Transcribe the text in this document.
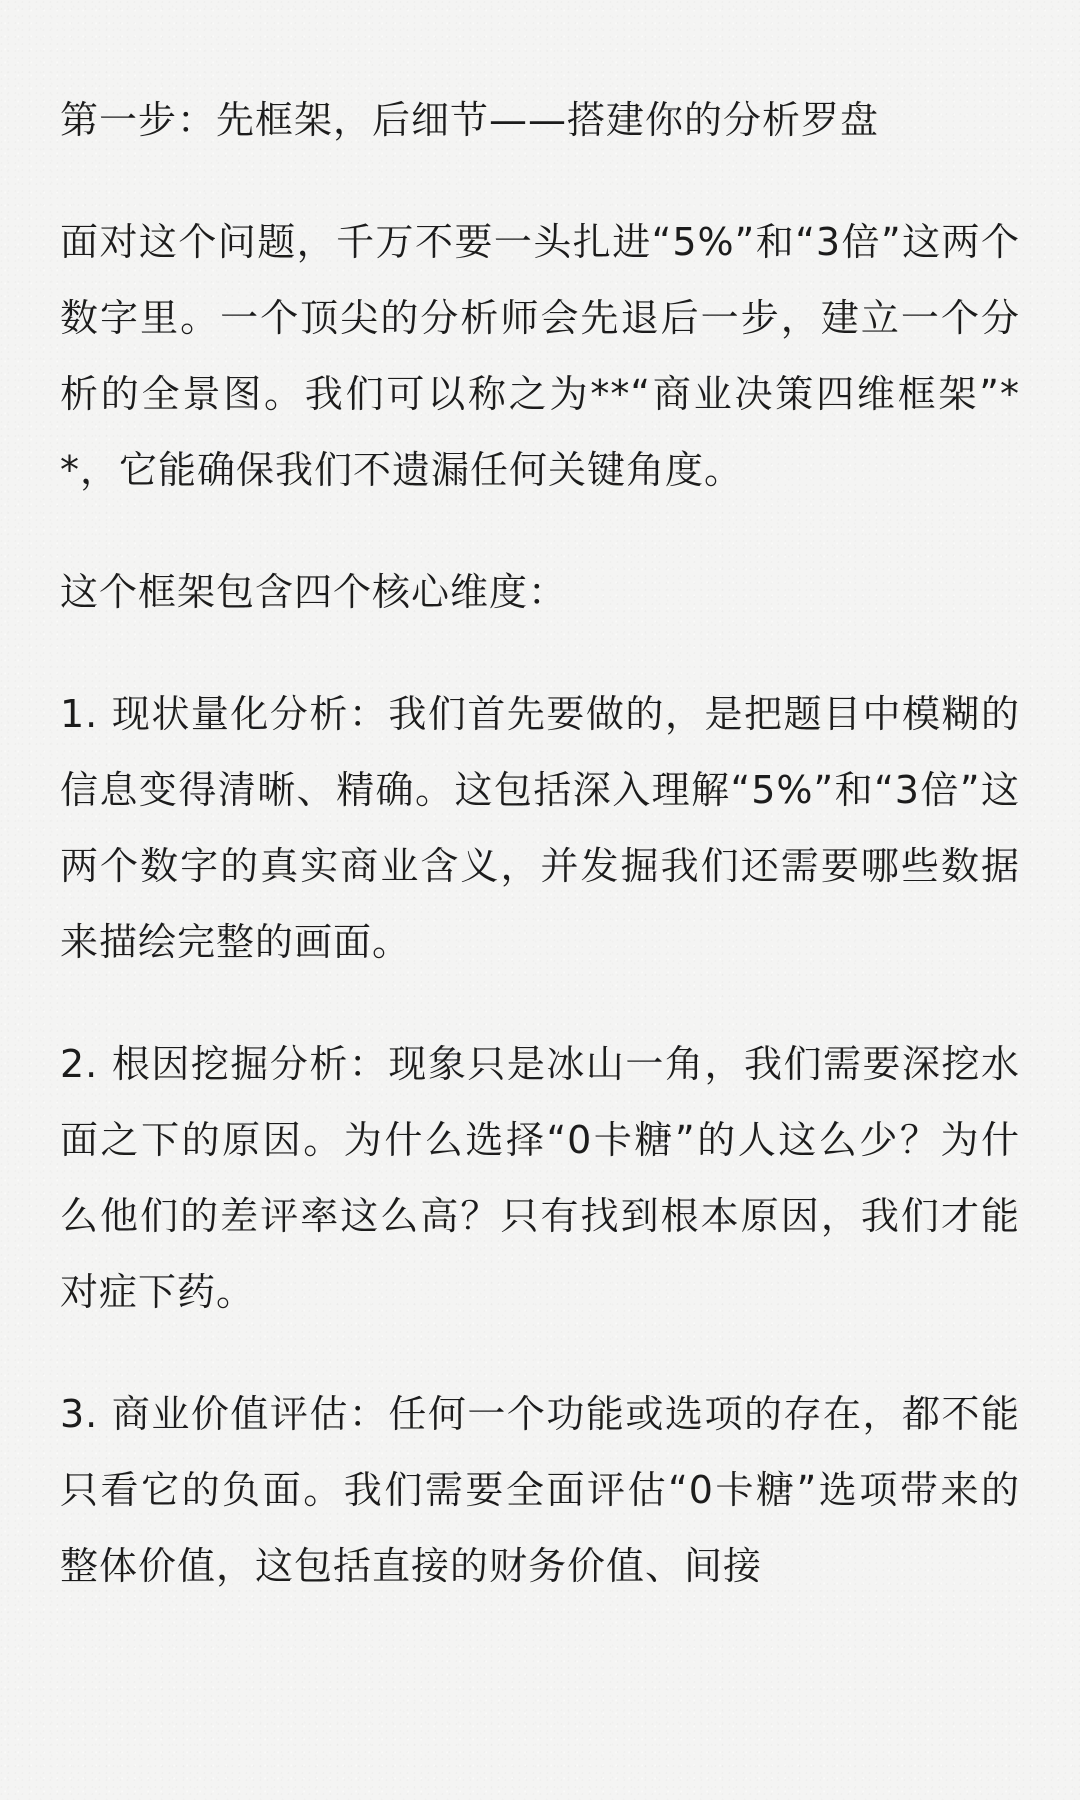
第一步：先框架，后细节——搭建你的分析罗盘

面对这个问题，千万不要一头扎进“5%”和“3倍”这两个数字里。一个顶尖的分析师会先退后一步，建立一个分析的全景图。我们可以称之为**“商业决策四维框架”**，它能确保我们不遗漏任何关键角度。

这个框架包含四个核心维度：

1. 现状量化分析：我们首先要做的，是把题目中模糊的信息变得清晰、精确。这包括深入理解“5%”和“3倍”这两个数字的真实商业含义，并发掘我们还需要哪些数据来描绘完整的画面。

2. 根因挖掘分析：现象只是冰山一角，我们需要深挖水面之下的原因。为什么选择“0卡糖”的人这么少？为什么他们的差评率这么高？只有找到根本原因，我们才能对症下药。

3. 商业价值评估：任何一个功能或选项的存在，都不能只看它的负面。我们需要全面评估“0卡糖”选项带来的整体价值，这包括直接的财务价值、间接
